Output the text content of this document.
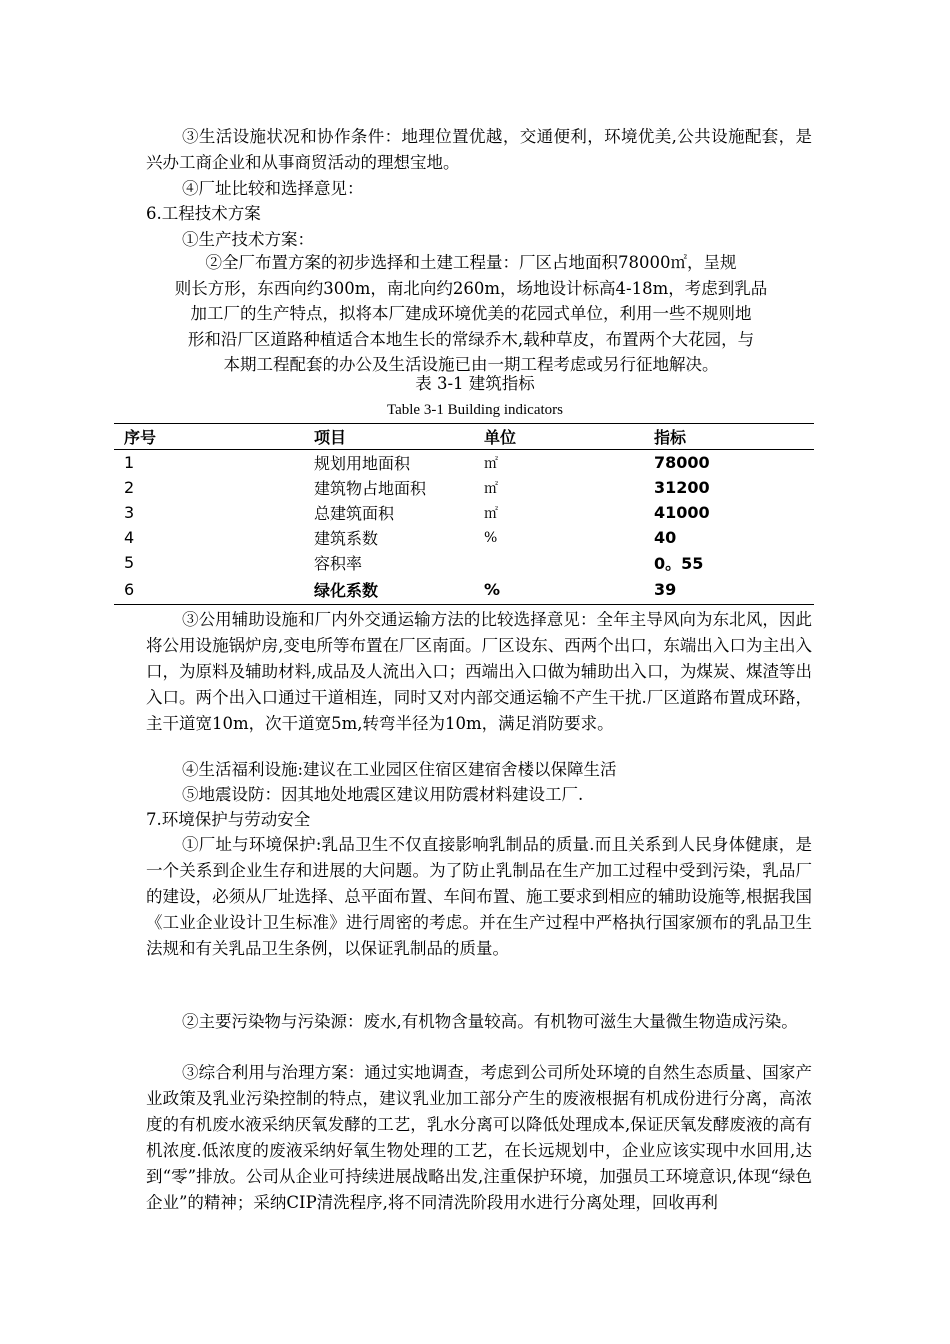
③生活设施状况和协作条件：地理位置优越，交通便利，环境优美,公共设施配套，是兴办工商企业和从事商贸活动的理想宝地。
④厂址比较和选择意见：
6.工程技术方案
①生产技术方案：
②全厂布置方案的初步选择和土建工程量：厂区占地面积78000㎡，呈规
则长方形，东西向约300m，南北向约260m，场地设计标高4-18m，考虑到乳品
加工厂的生产特点，拟将本厂建成环境优美的花园式单位，利用一些不规则地
形和沿厂区道路种植适合本地生长的常绿乔木,载种草皮，布置两个大花园，与
本期工程配套的办公及生活设施已由一期工程考虑或另行征地解决。
表 3-1 建筑指标
Table 3-1 Building indicators
序号	项目	单位	指标
1	规划用地面积	㎡	78000
2	建筑物占地面积	㎡	31200
3	总建筑面积	㎡	41000
4	建筑系数	%	40
5	容积率		0。55
6	绿化系数	%	39
③公用辅助设施和厂内外交通运输方法的比较选择意见：全年主导风向为东北风，因此将公用设施锅炉房,变电所等布置在厂区南面。厂区设东、西两个出口，东端出入口为主出入口，为原料及辅助材料,成品及人流出入口；西端出入口做为辅助出入口，为煤炭、煤渣等出入口。两个出入口通过干道相连，同时又对内部交通运输不产生干扰.厂区道路布置成环路，主干道宽10m，次干道宽5m,转弯半径为10m，满足消防要求。
④生活福利设施:建议在工业园区住宿区建宿舍楼以保障生活
⑤地震设防：因其地处地震区建议用防震材料建设工厂.
7.环境保护与劳动安全
①厂址与环境保护:乳品卫生不仅直接影响乳制品的质量.而且关系到人民身体健康，是一个关系到企业生存和进展的大问题。为了防止乳制品在生产加工过程中受到污染，乳品厂的建设，必须从厂址选择、总平面布置、车间布置、施工要求到相应的辅助设施等,根据我国《工业企业设计卫生标准》进行周密的考虑。并在生产过程中严格执行国家颁布的乳品卫生法规和有关乳品卫生条例，以保证乳制品的质量。
②主要污染物与污染源：废水,有机物含量较高。有机物可滋生大量微生物造成污染。
③综合利用与治理方案：通过实地调查，考虑到公司所处环境的自然生态质量、国家产业政策及乳业污染控制的特点，建议乳业加工部分产生的废液根据有机成份进行分离，高浓度的有机废水液采纳厌氧发酵的工艺，乳水分离可以降低处理成本,保证厌氧发酵废液的高有机浓度.低浓度的废液采纳好氧生物处理的工艺，在长远规划中，企业应该实现中水回用,达到“零”排放。公司从企业可持续进展战略出发,注重保护环境，加强员工环境意识,体现“绿色企业”的精神；采纳CIP清洗程序,将不同清洗阶段用水进行分离处理，回收再利
